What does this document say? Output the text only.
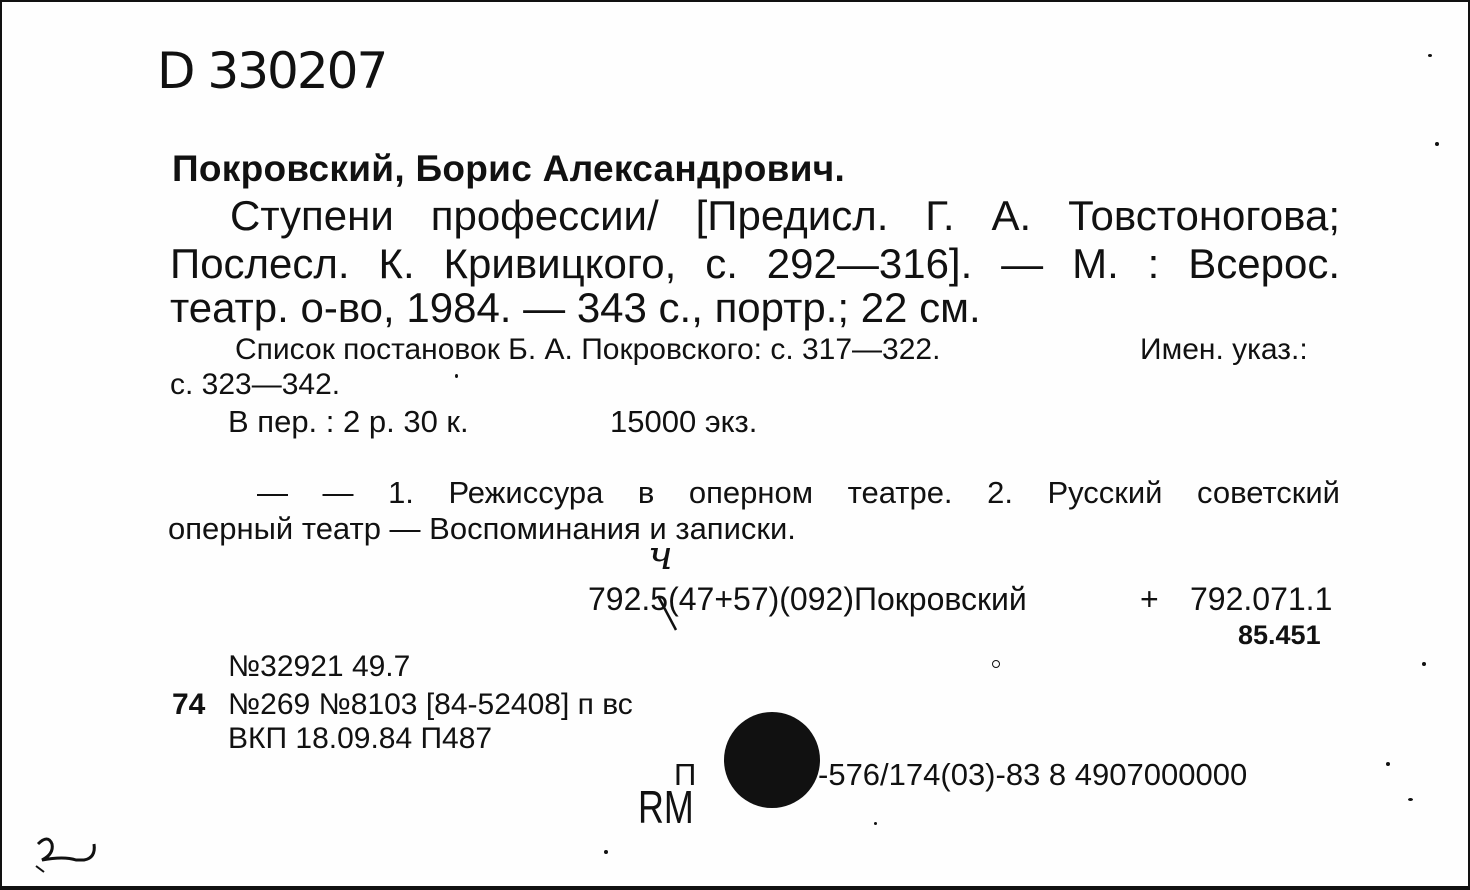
D 330207
Покровский, Борис Александрович.
Ступени профессии/ [Предисл. Г. А. Товстоногова;
Послесл. К. Кривицкого, с. 292—316]. — М. : Всерос.
театр. о-во, 1984. — 343 с., портр.; 22 см.
Список постановок Б. А. Покровского: с. 317—322.	Имен. указ.:
с. 323—342.
В пер. : 2 р. 30 к.	15000 экз.
— — 1. Режиссура в оперном театре. 2. Русский советский
оперный театр — Воспоминания и записки.
ч
792.5(47+57)(092)Покровский	+ 792.071.1
85.451
№32921 49.7
74 №269 №8103 [84-52408] п вс
ВКП 18.09.84 П487
П	-576/174(03)-83 8 4907000000
RM
